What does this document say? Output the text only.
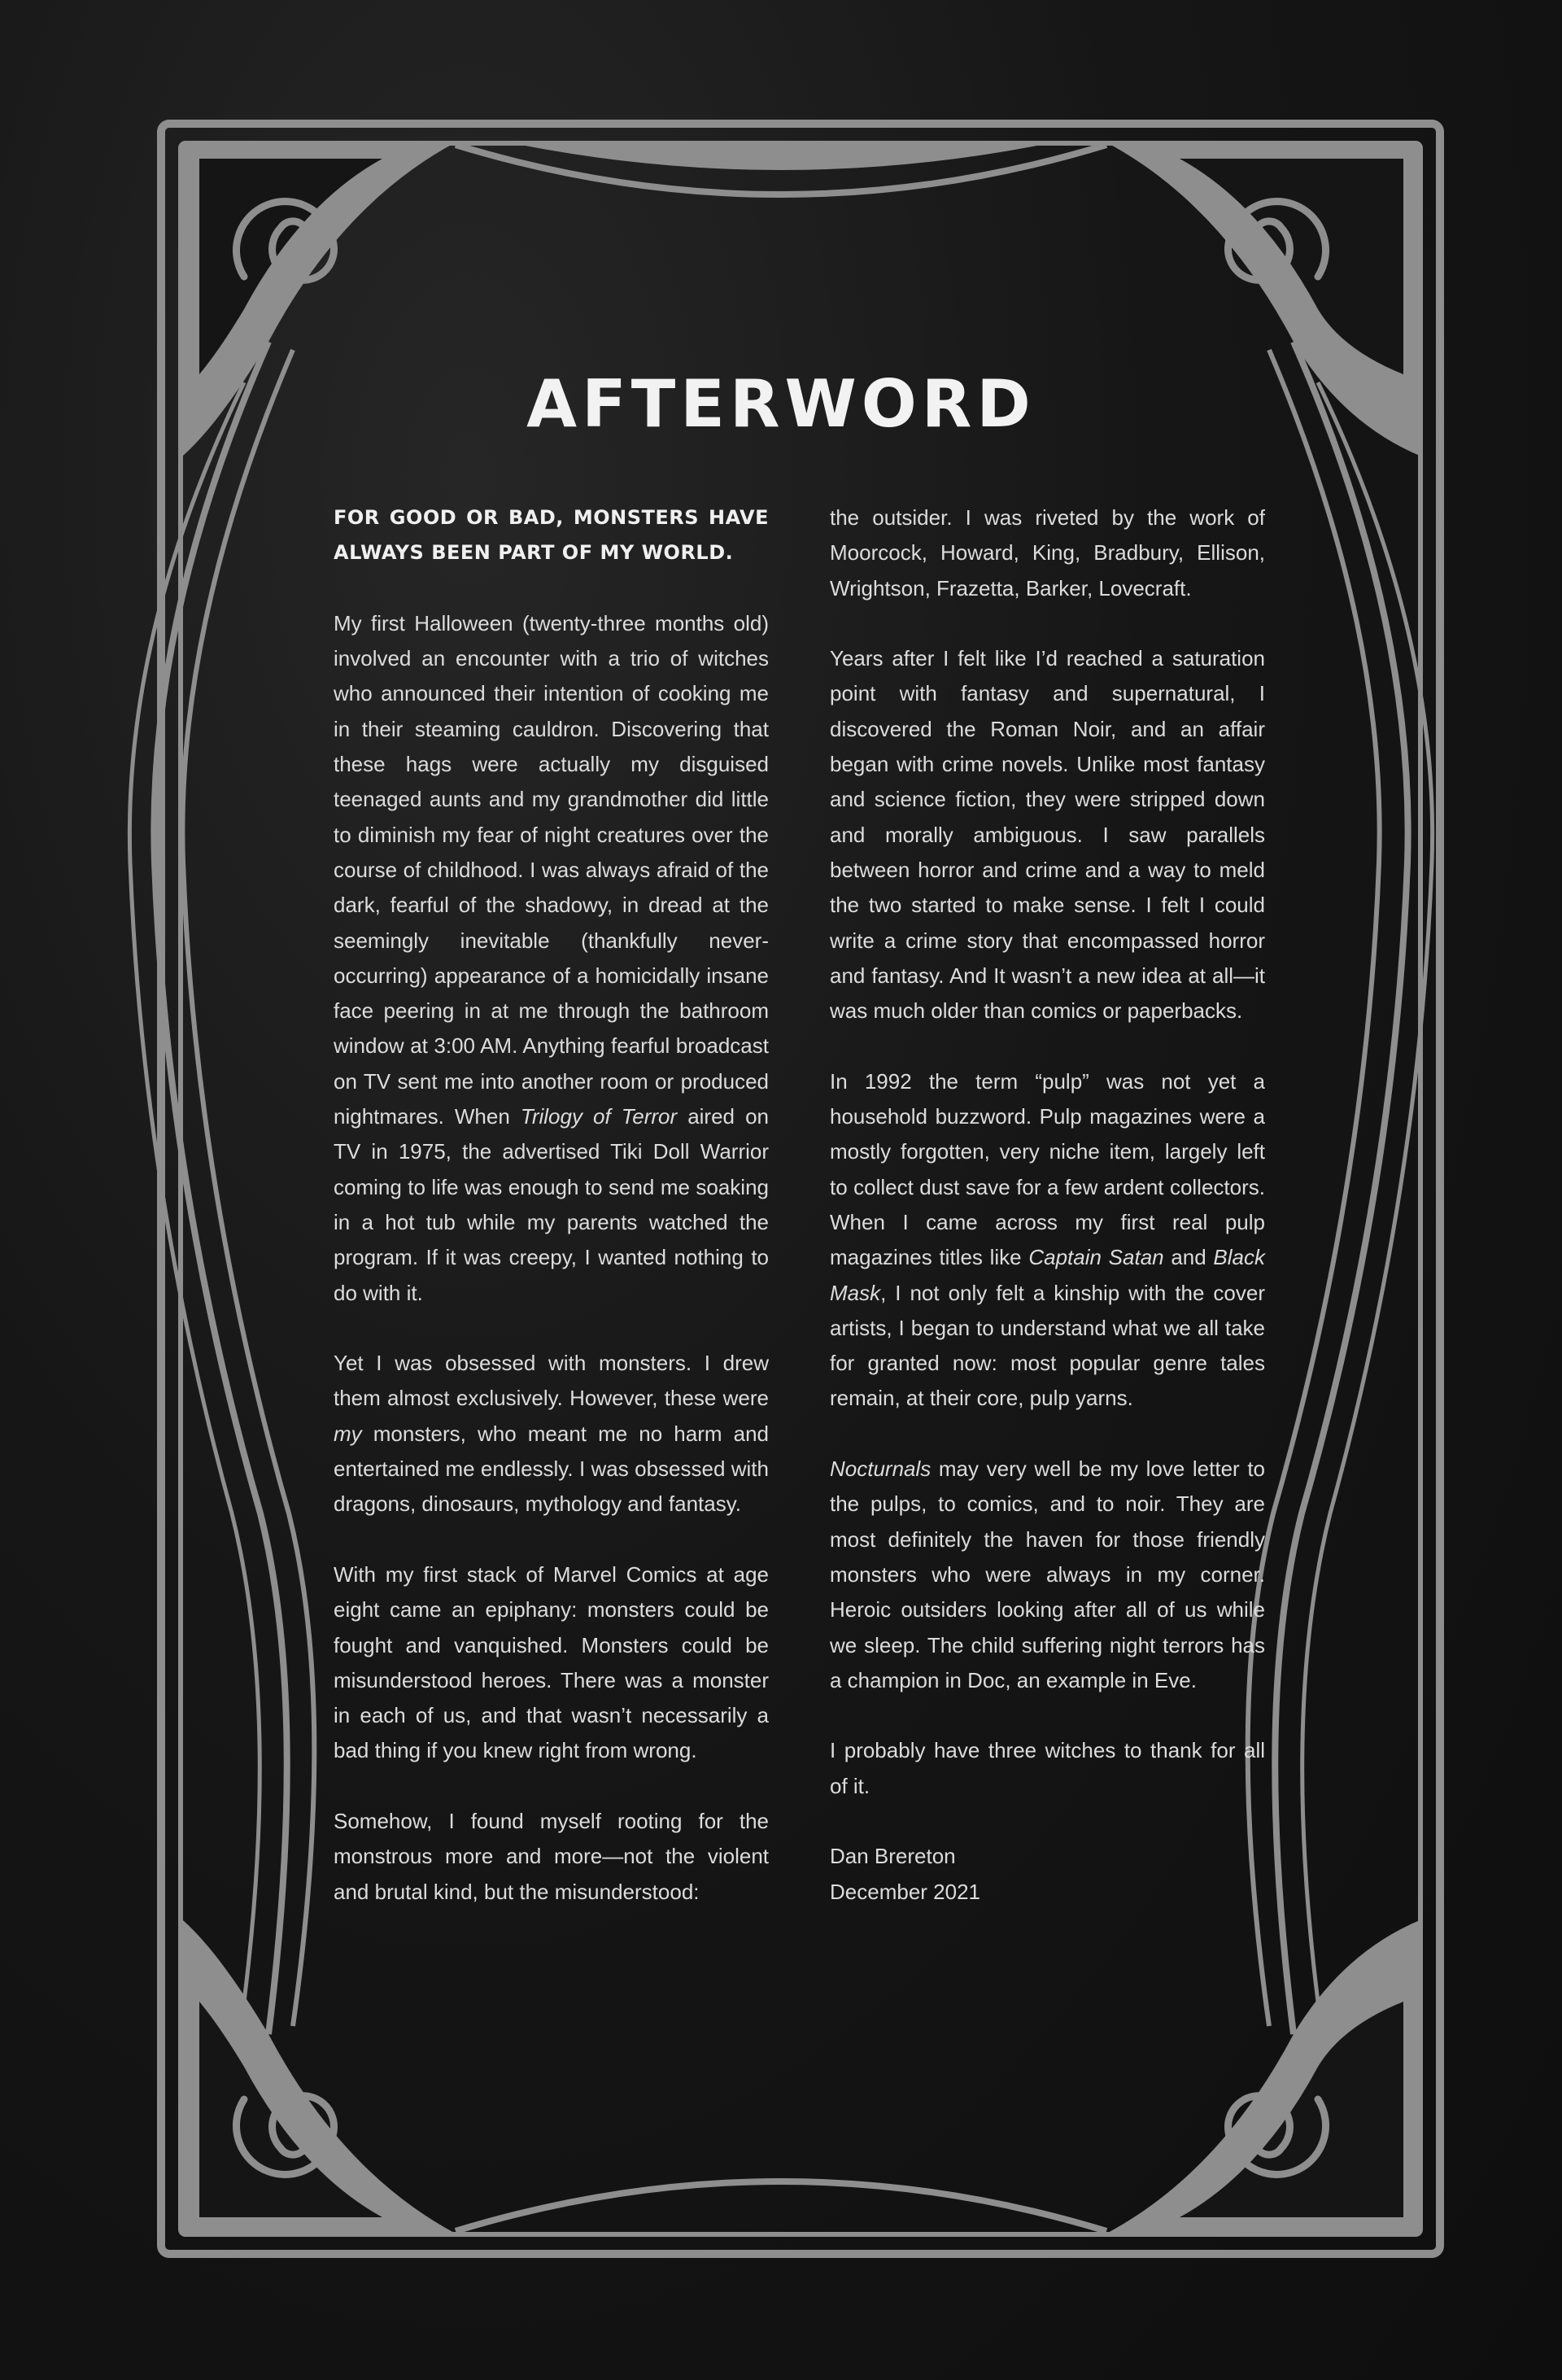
AFTERWORD

FOR GOOD OR BAD, MONSTERS HAVE ALWAYS BEEN PART OF MY WORLD.

My first Halloween (twenty-three months old) involved an encounter with a trio of witches who announced their intention of cooking me in their steaming cauldron. Discovering that these hags were actually my disguised teenaged aunts and my grandmother did little to diminish my fear of night creatures over the course of childhood. I was always afraid of the dark, fearful of the shadowy, in dread at the seemingly inevitable (thankfully never-occurring) appearance of a homicidally insane face peering in at me through the bathroom window at 3:00 AM. Anything fearful broadcast on TV sent me into another room or produced nightmares. When Trilogy of Terror aired on TV in 1975, the advertised Tiki Doll Warrior coming to life was enough to send me soaking in a hot tub while my parents watched the program. If it was creepy, I wanted nothing to do with it.

Yet I was obsessed with monsters. I drew them almost exclusively. However, these were my monsters, who meant me no harm and entertained me endlessly. I was obsessed with dragons, dinosaurs, mythology and fantasy.

With my first stack of Marvel Comics at age eight came an epiphany: monsters could be fought and vanquished. Monsters could be misunderstood heroes. There was a monster in each of us, and that wasn’t necessarily a bad thing if you knew right from wrong.

Somehow, I found myself rooting for the monstrous more and more—not the violent and brutal kind, but the misunderstood:

the outsider. I was riveted by the work of Moorcock, Howard, King, Bradbury, Ellison, Wrightson, Frazetta, Barker, Lovecraft.

Years after I felt like I’d reached a saturation point with fantasy and supernatural, I discovered the Roman Noir, and an affair began with crime novels. Unlike most fantasy and science fiction, they were stripped down and morally ambiguous. I saw parallels between horror and crime and a way to meld the two started to make sense. I felt I could write a crime story that encompassed horror and fantasy. And It wasn’t a new idea at all—it was much older than comics or paperbacks.

In 1992 the term “pulp” was not yet a household buzzword. Pulp magazines were a mostly forgotten, very niche item, largely left to collect dust save for a few ardent collectors. When I came across my first real pulp magazines titles like Captain Satan and Black Mask, I not only felt a kinship with the cover artists, I began to understand what we all take for granted now: most popular genre tales remain, at their core, pulp yarns.

Nocturnals may very well be my love letter to the pulps, to comics, and to noir. They are most definitely the haven for those friendly monsters who were always in my corner. Heroic outsiders looking after all of us while we sleep. The child suffering night terrors has a champion in Doc, an example in Eve.

I probably have three witches to thank for all of it.

Dan Brereton

December 2021
